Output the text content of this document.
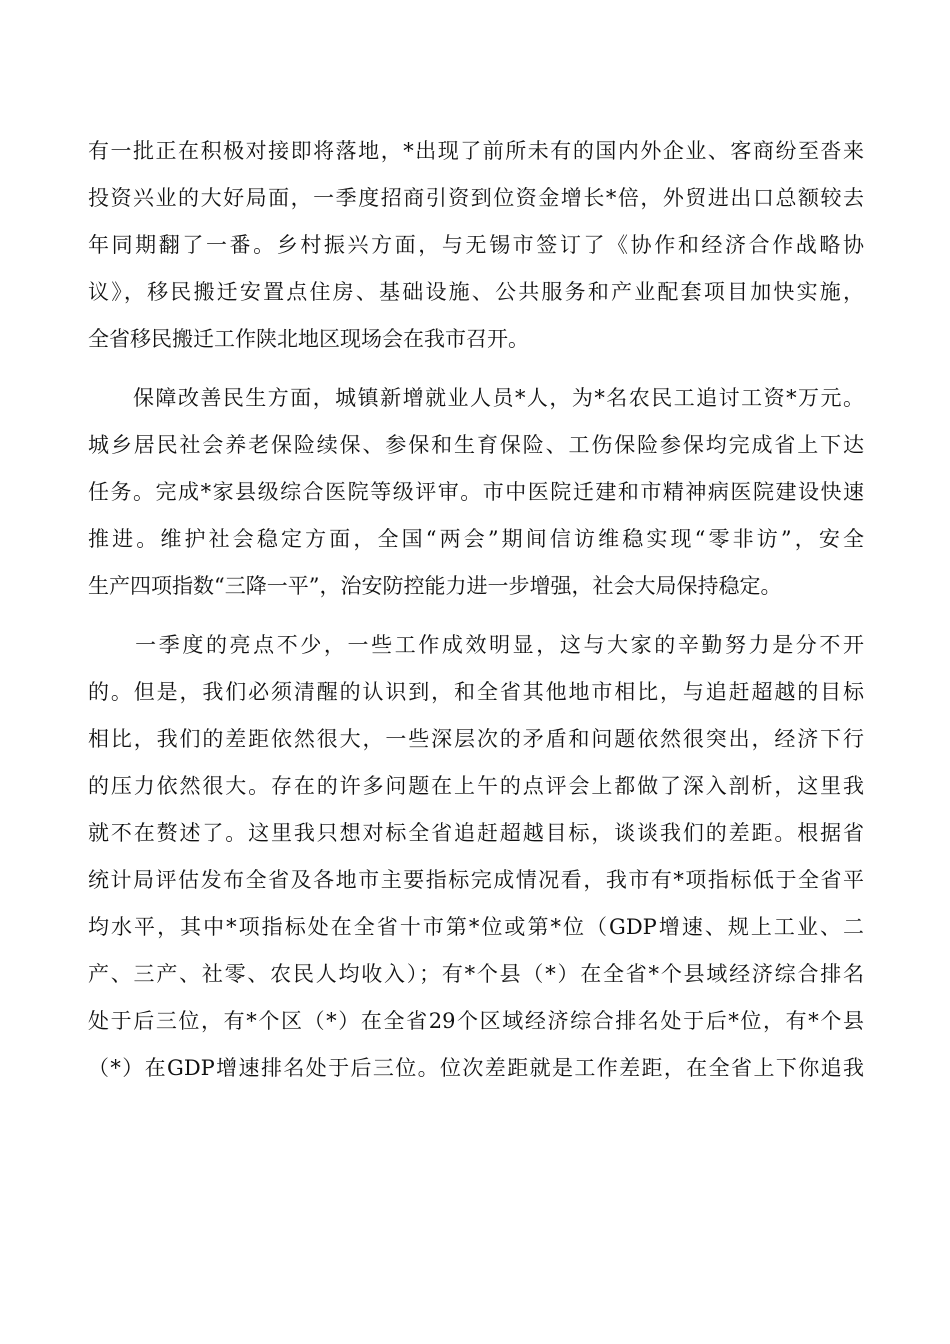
有一批正在积极对接即将落地，*出现了前所未有的国内外企业、客商纷至沓来
投资兴业的大好局面，一季度招商引资到位资金增长*倍，外贸进出口总额较去
年同期翻了一番。乡村振兴方面，与无锡市签订了《协作和经济合作战略协
议》，移民搬迁安置点住房、基础设施、公共服务和产业配套项目加快实施，
全省移民搬迁工作陕北地区现场会在我市召开。
　　保障改善民生方面，城镇新增就业人员*人，为*名农民工追讨工资*万元。
城乡居民社会养老保险续保、参保和生育保险、工伤保险参保均完成省上下达
任务。完成*家县级综合医院等级评审。市中医院迁建和市精神病医院建设快速
推进。维护社会稳定方面，全国“两会”期间信访维稳实现“零非访”，安全
生产四项指数“三降一平”，治安防控能力进一步增强，社会大局保持稳定。
　　一季度的亮点不少，一些工作成效明显，这与大家的辛勤努力是分不开
的。但是，我们必须清醒的认识到，和全省其他地市相比，与追赶超越的目标
相比，我们的差距依然很大，一些深层次的矛盾和问题依然很突出，经济下行
的压力依然很大。存在的许多问题在上午的点评会上都做了深入剖析，这里我
就不在赘述了。这里我只想对标全省追赶超越目标，谈谈我们的差距。根据省
统计局评估发布全省及各地市主要指标完成情况看，我市有*项指标低于全省平
均水平，其中*项指标处在全省十市第*位或第*位（GDP增速、规上工业、二
产、三产、社零、农民人均收入）；有*个县（*）在全省*个县域经济综合排名
处于后三位，有*个区（*）在全省29个区域经济综合排名处于后*位，有*个县
（*）在GDP增速排名处于后三位。位次差距就是工作差距，在全省上下你追我
